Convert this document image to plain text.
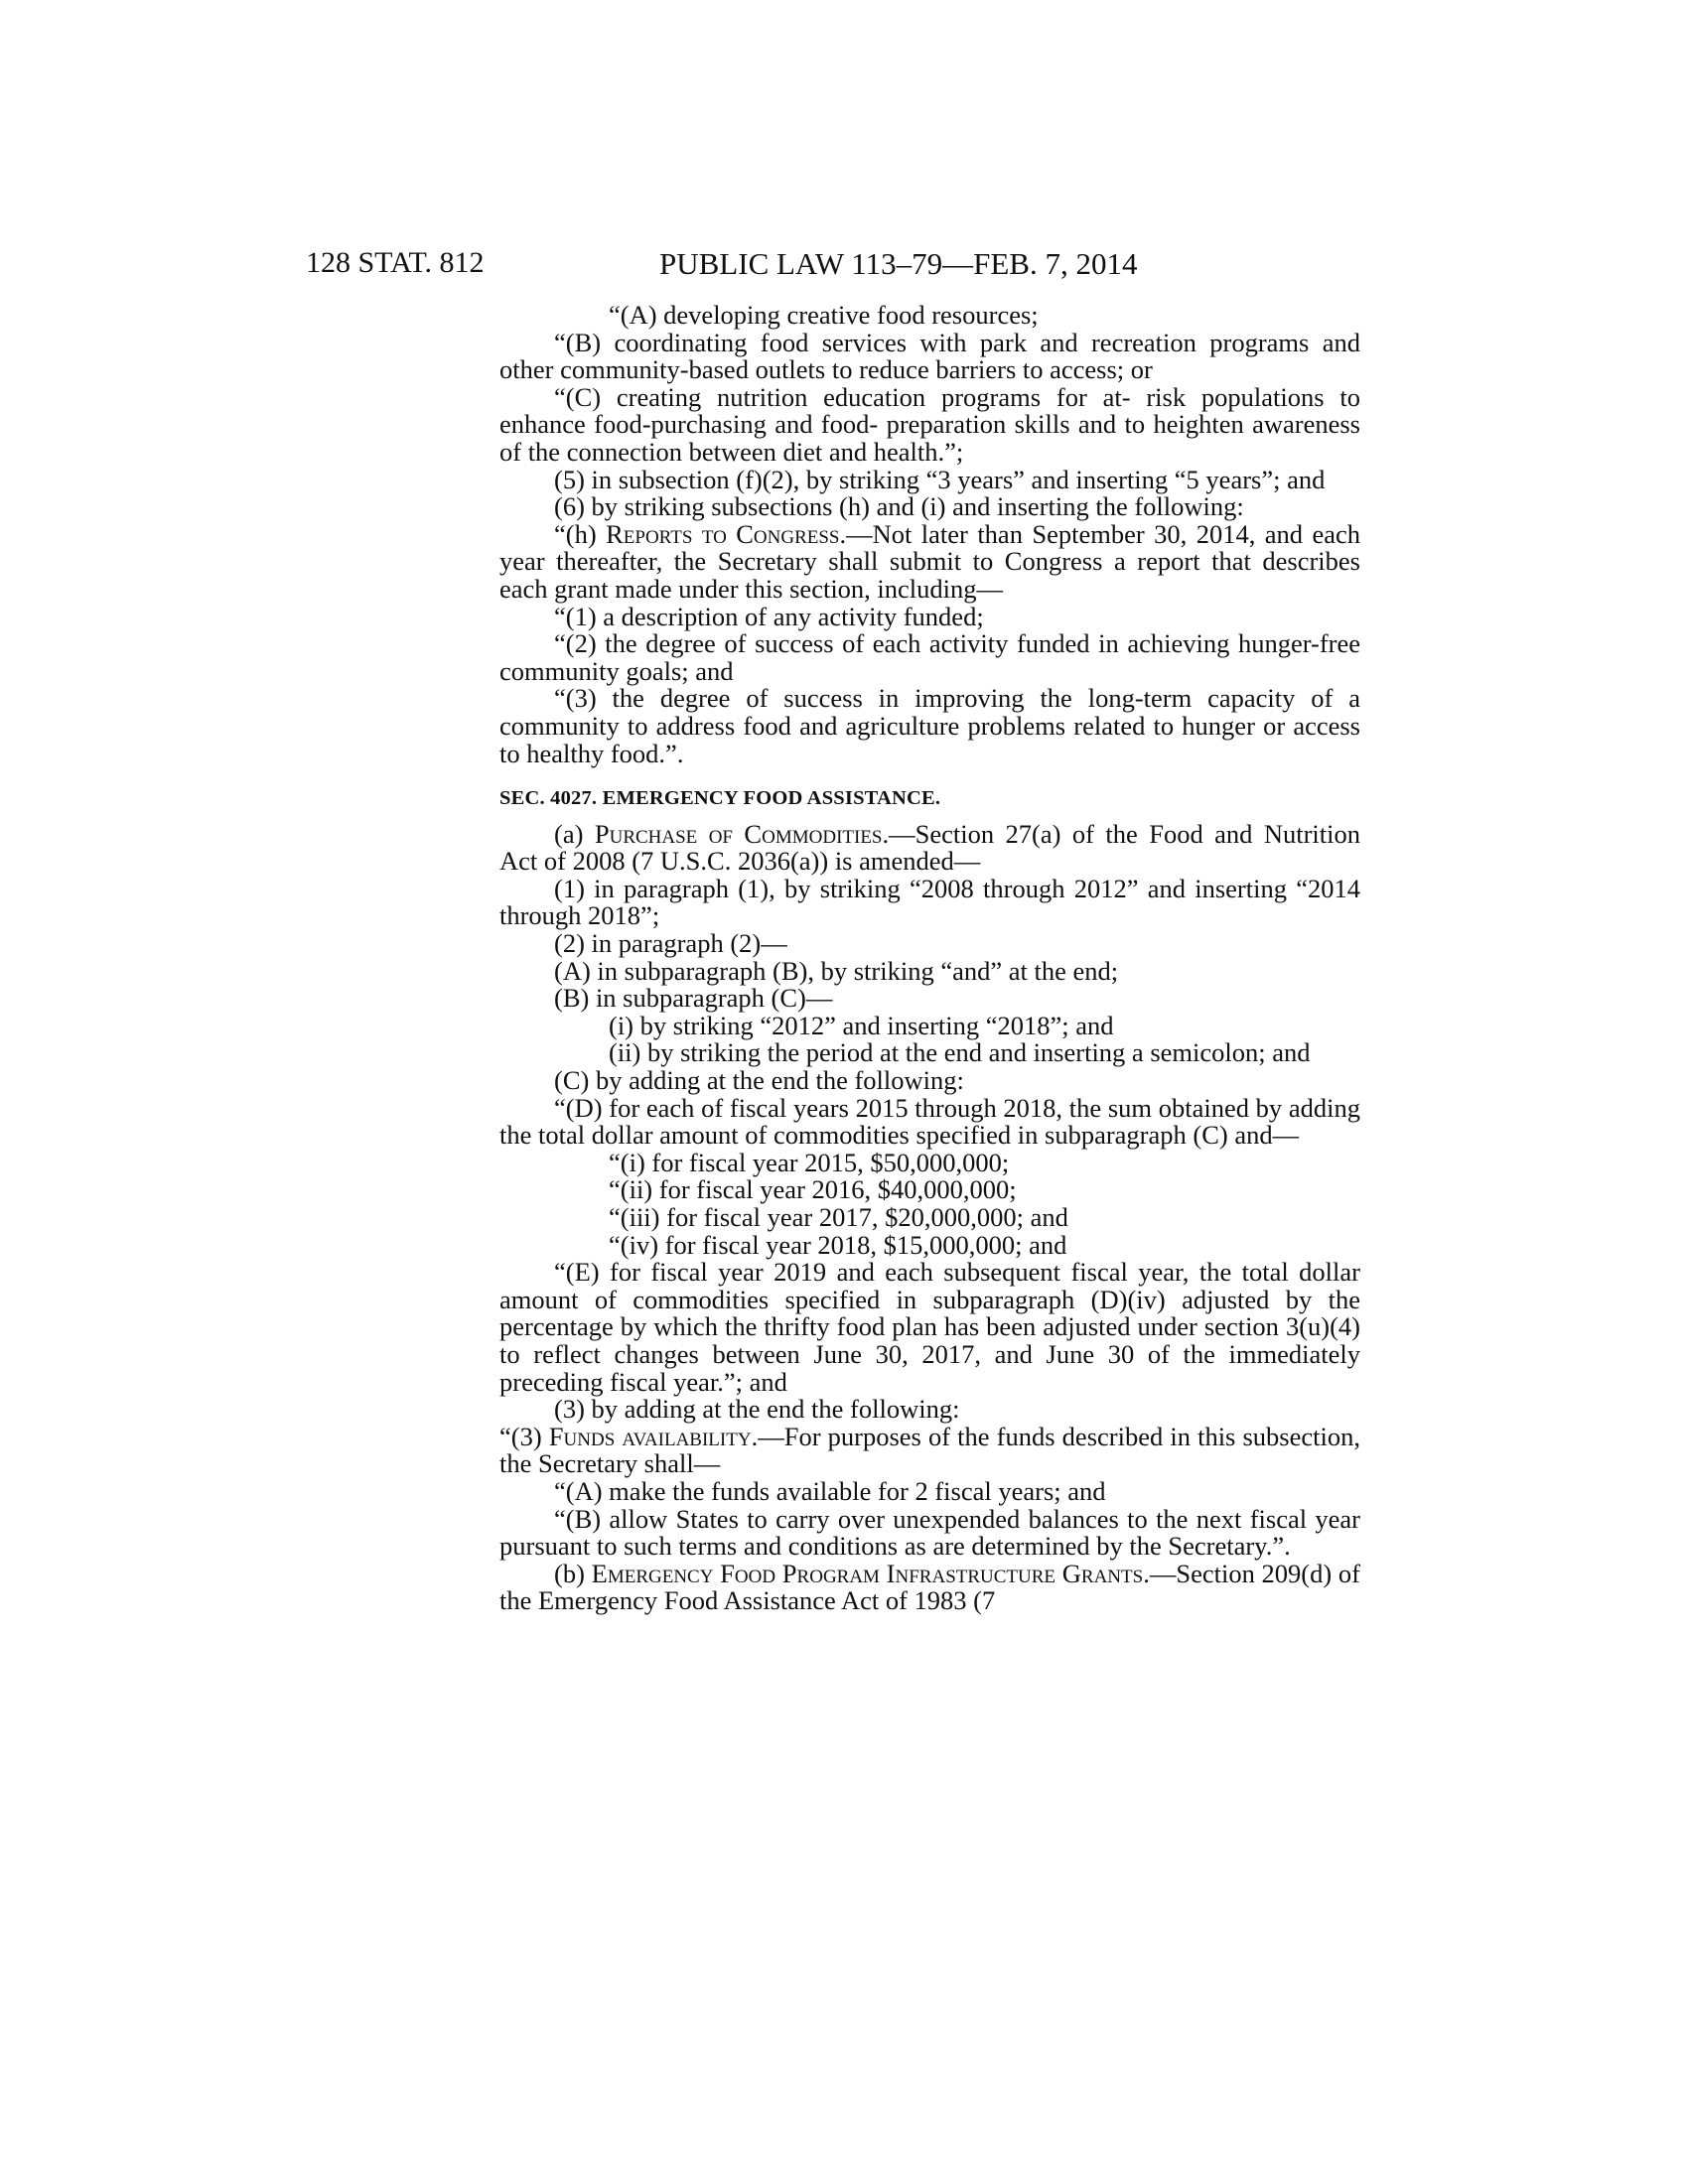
128 STAT. 812	PUBLIC LAW 113–79—FEB. 7, 2014

“(A) developing creative food resources;

“(B) coordinating food services with park and recreation programs and other community-based outlets to reduce barriers to access; or

“(C) creating nutrition education programs for at- risk populations to enhance food-purchasing and food- preparation skills and to heighten awareness of the connection between diet and health.”;

(5) in subsection (f)(2), by striking “3 years” and inserting “5 years”; and

(6) by striking subsections (h) and (i) and inserting the following:

“(h) Reports to Congress.—Not later than September 30, 2014, and each year thereafter, the Secretary shall submit to Congress a report that describes each grant made under this section, including—

“(1) a description of any activity funded;

“(2) the degree of success of each activity funded in achieving hunger-free community goals; and

“(3) the degree of success in improving the long-term capacity of a community to address food and agriculture problems related to hunger or access to healthy food.”.

SEC. 4027. EMERGENCY FOOD ASSISTANCE.

(a) Purchase of Commodities.—Section 27(a) of the Food and Nutrition Act of 2008 (7 U.S.C. 2036(a)) is amended—

(1) in paragraph (1), by striking “2008 through 2012” and inserting “2014 through 2018”;

(2) in paragraph (2)—

(A) in subparagraph (B), by striking “and” at the end;

(B) in subparagraph (C)—

(i) by striking “2012” and inserting “2018”; and

(ii) by striking the period at the end and inserting a semicolon; and

(C) by adding at the end the following:

“(D) for each of fiscal years 2015 through 2018, the sum obtained by adding the total dollar amount of commodities specified in subparagraph (C) and—

“(i) for fiscal year 2015, $50,000,000;

“(ii) for fiscal year 2016, $40,000,000;

“(iii) for fiscal year 2017, $20,000,000; and

“(iv) for fiscal year 2018, $15,000,000; and

“(E) for fiscal year 2019 and each subsequent fiscal year, the total dollar amount of commodities specified in subparagraph (D)(iv) adjusted by the percentage by which the thrifty food plan has been adjusted under section 3(u)(4) to reflect changes between June 30, 2017, and June 30 of the immediately preceding fiscal year.”; and

(3) by adding at the end the following:

“(3) Funds availability.—For purposes of the funds described in this subsection, the Secretary shall—

“(A) make the funds available for 2 fiscal years; and

“(B) allow States to carry over unexpended balances to the next fiscal year pursuant to such terms and conditions as are determined by the Secretary.”.

(b) Emergency Food Program Infrastructure Grants.—Section 209(d) of the Emergency Food Assistance Act of 1983 (7
